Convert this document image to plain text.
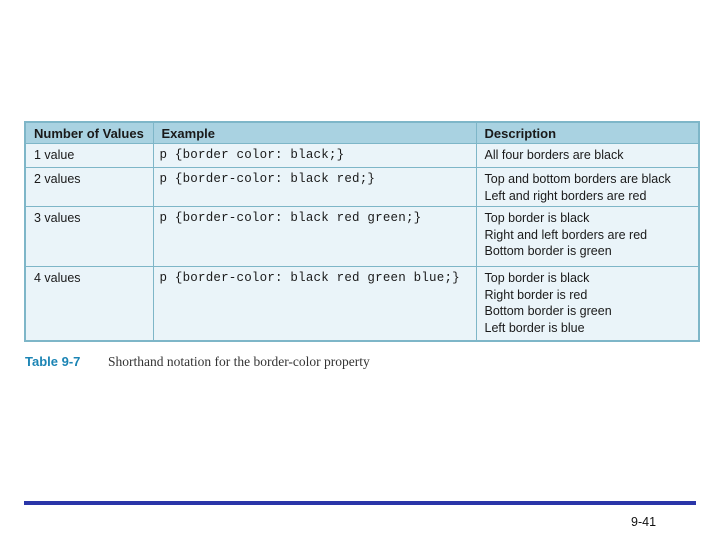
Number of Values	Example	Description
1 value	p {border color: black;}	All four borders are black

2 values	p {border-color: black red;}	Top and bottom borders are black
Left and right borders are red

3 values	p {border-color: black red green;}	Top border is black
Right and left borders are red
Bottom border is green

4 values	p {border-color: black red green blue;}	Top border is black
Right border is red
Bottom border is green
Left border is blue
Table 9-7 Shorthand notation for the border-color property
9-41
